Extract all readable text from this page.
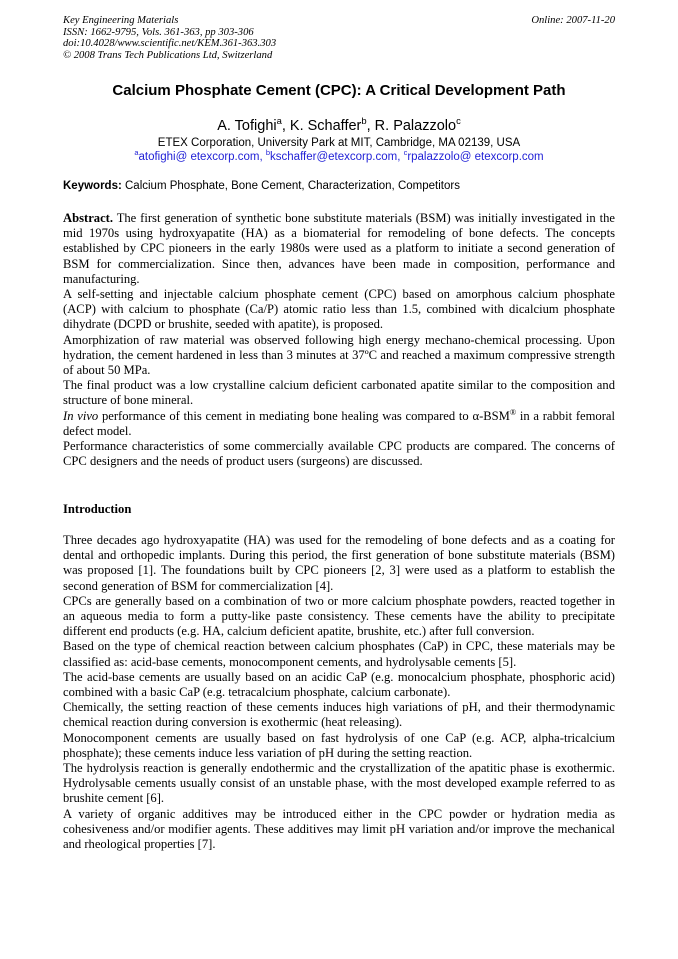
Key Engineering Materials
ISSN: 1662-9795, Vols. 361-363, pp 303-306
doi:10.4028/www.scientific.net/KEM.361-363.303
© 2008 Trans Tech Publications Ltd, Switzerland
Online: 2007-11-20
Calcium Phosphate Cement (CPC): A Critical Development Path
A. Tofighi$^a$, K. Schaffer$^b$, R. Palazzolo$^c$
ETEX Corporation, University Park at MIT, Cambridge, MA 02139, USA
$^a$atofighi@ etexcorp.com, $^b$kschaffer@etexcorp.com, $^c$rpalazzolo@ etexcorp.com
Keywords: Calcium Phosphate, Bone Cement, Characterization, Competitors

Abstract. The first generation of synthetic bone substitute materials (BSM) was initially investigated in the mid 1970s using hydroxyapatite (HA) as a biomaterial for remodeling of bone defects. The concepts established by CPC pioneers in the early 1980s were used as a platform to initiate a second generation of BSM for commercialization. Since then, advances have been made in composition, performance and manufacturing.

A self-setting and injectable calcium phosphate cement (CPC) based on amorphous calcium phosphate (ACP) with calcium to phosphate (Ca/P) atomic ratio less than 1.5, combined with dicalcium phosphate dihydrate (DCPD or brushite, seeded with apatite), is proposed.

Amorphization of raw material was observed following high energy mechano-chemical processing. Upon hydration, the cement hardened in less than 3 minutes at 37ºC and reached a maximum compressive strength of about 50 MPa.

The final product was a low crystalline calcium deficient carbonated apatite similar to the composition and structure of bone mineral.

In vivo performance of this cement in mediating bone healing was compared to α-BSM® in a rabbit femoral defect model.

Performance characteristics of some commercially available CPC products are compared. The concerns of CPC designers and the needs of product users (surgeons) are discussed.

Introduction

Three decades ago hydroxyapatite (HA) was used for the remodeling of bone defects and as a coating for dental and orthopedic implants. During this period, the first generation of bone substitute materials (BSM) was proposed [1]. The foundations built by CPC pioneers [2, 3] were used as a platform to establish the second generation of BSM for commercialization [4].

CPCs are generally based on a combination of two or more calcium phosphate powders, reacted together in an aqueous media to form a putty-like paste consistency. These cements have the ability to precipitate different end products (e.g. HA, calcium deficient apatite, brushite, etc.) after full conversion.

Based on the type of chemical reaction between calcium phosphates (CaP) in CPC, these materials may be classified as: acid-base cements, monocomponent cements, and hydrolysable cements [5].

The acid-base cements are usually based on an acidic CaP (e.g. monocalcium phosphate, phosphoric acid) combined with a basic CaP (e.g. tetracalcium phosphate, calcium carbonate).

Chemically, the setting reaction of these cements induces high variations of pH, and their thermodynamic chemical reaction during conversion is exothermic (heat releasing).

Monocomponent cements are usually based on fast hydrolysis of one CaP (e.g. ACP, alpha-tricalcium phosphate); these cements induce less variation of pH during the setting reaction.

The hydrolysis reaction is generally endothermic and the crystallization of the apatitic phase is exothermic. Hydrolysable cements usually consist of an unstable phase, with the most developed example referred to as brushite cement [6].

A variety of organic additives may be introduced either in the CPC powder or hydration media as cohesiveness and/or modifier agents. These additives may limit pH variation and/or improve the mechanical and rheological properties [7].
